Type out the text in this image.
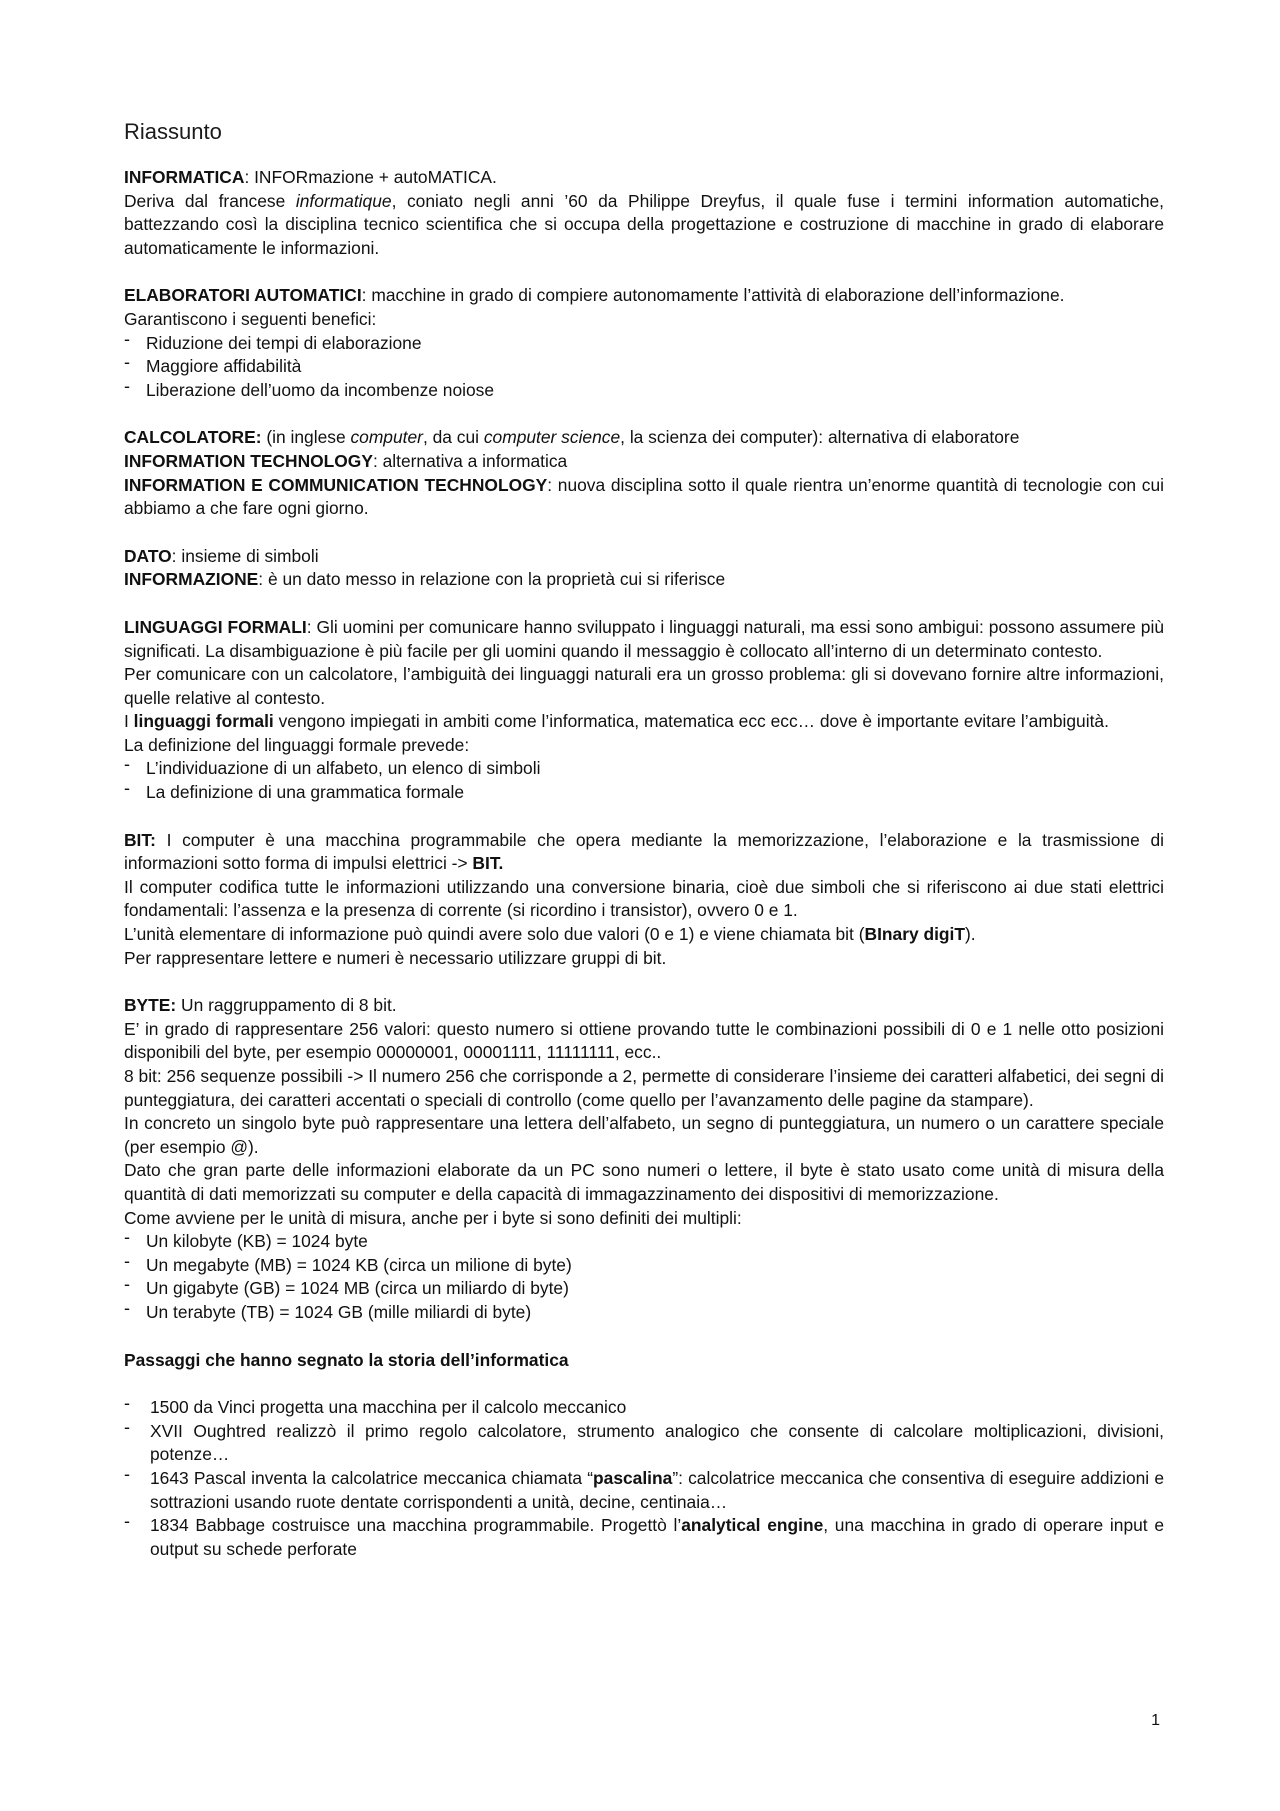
Riassunto

INFORMATICA: INFORmazione + autoMATICA.

Deriva dal francese informatique, coniato negli anni ’60 da Philippe Dreyfus, il quale fuse i termini information automatiche, battezzando così la disciplina tecnico scientifica che si occupa della progettazione e costruzione di macchine in grado di elaborare automaticamente le informazioni.

ELABORATORI AUTOMATICI: macchine in grado di compiere autonomamente l’attività di elaborazione dell’informazione.

Garantiscono i seguenti benefici:

- Riduzione dei tempi di elaborazione
- Maggiore affidabilità
- Liberazione dell’uomo da incombenze noiose

CALCOLATORE: (in inglese computer, da cui computer science, la scienza dei computer): alternativa di elaboratore

INFORMATION TECHNOLOGY: alternativa a informatica

INFORMATION E COMMUNICATION TECHNOLOGY: nuova disciplina sotto il quale rientra un’enorme quantità di tecnologie con cui abbiamo a che fare ogni giorno.

DATO: insieme di simboli

INFORMAZIONE: è un dato messo in relazione con la proprietà cui si riferisce

LINGUAGGI FORMALI: Gli uomini per comunicare hanno sviluppato i linguaggi naturali, ma essi sono ambigui: possono assumere più significati. La disambiguazione è più facile per gli uomini quando il messaggio è collocato all’interno di un determinato contesto.

Per comunicare con un calcolatore, l’ambiguità dei linguaggi naturali era un grosso problema: gli si dovevano fornire altre informazioni, quelle relative al contesto.

I linguaggi formali vengono impiegati in ambiti come l’informatica, matematica ecc ecc… dove è importante evitare l’ambiguità.

La definizione del linguaggi formale prevede:

- L’individuazione di un alfabeto, un elenco di simboli
- La definizione di una grammatica formale

BIT: I computer è una macchina programmabile che opera mediante la memorizzazione, l’elaborazione e la trasmissione di informazioni sotto forma di impulsi elettrici -> BIT.

Il computer codifica tutte le informazioni utilizzando una conversione binaria, cioè due simboli che si riferiscono ai due stati elettrici fondamentali: l’assenza e la presenza di corrente (si ricordino i transistor), ovvero 0 e 1.

L’unità elementare di informazione può quindi avere solo due valori (0 e 1) e viene chiamata bit (BInary digiT).

Per rappresentare lettere e numeri è necessario utilizzare gruppi di bit.

BYTE: Un raggruppamento di 8 bit.

E’ in grado di rappresentare 256 valori: questo numero si ottiene provando tutte le combinazioni possibili di 0 e 1 nelle otto posizioni disponibili del byte, per esempio 00000001, 00001111, 11111111, ecc..

8 bit: 256 sequenze possibili -> Il numero 256 che corrisponde a 2, permette di considerare l’insieme dei caratteri alfabetici, dei segni di punteggiatura, dei caratteri accentati o speciali di controllo (come quello per l’avanzamento delle pagine da stampare).

In concreto un singolo byte può rappresentare una lettera dell’alfabeto, un segno di punteggiatura, un numero o un carattere speciale (per esempio @).

Dato che gran parte delle informazioni elaborate da un PC sono numeri o lettere, il byte è stato usato come unità di misura della quantità di dati memorizzati su computer e della capacità di immagazzinamento dei dispositivi di memorizzazione.

Come avviene per le unità di misura, anche per i byte si sono definiti dei multipli:

- Un kilobyte (KB) = 1024 byte
- Un megabyte (MB) = 1024 KB (circa un milione di byte)
- Un gigabyte (GB) = 1024 MB (circa un miliardo di byte)
- Un terabyte (TB) = 1024 GB (mille miliardi di byte)

Passaggi che hanno segnato la storia dell’informatica

- 1500 da Vinci progetta una macchina per il calcolo meccanico
- XVII Oughtred realizzò il primo regolo calcolatore, strumento analogico che consente di calcolare moltiplicazioni, divisioni, potenze…
- 1643 Pascal inventa la calcolatrice meccanica chiamata “pascalina”: calcolatrice meccanica che consentiva di eseguire addizioni e sottrazioni usando ruote dentate corrispondenti a unità, decine, centinaia…
- 1834 Babbage costruisce una macchina programmabile. Progettò l’analytical engine, una macchina in grado di operare input e output su schede perforate
1
